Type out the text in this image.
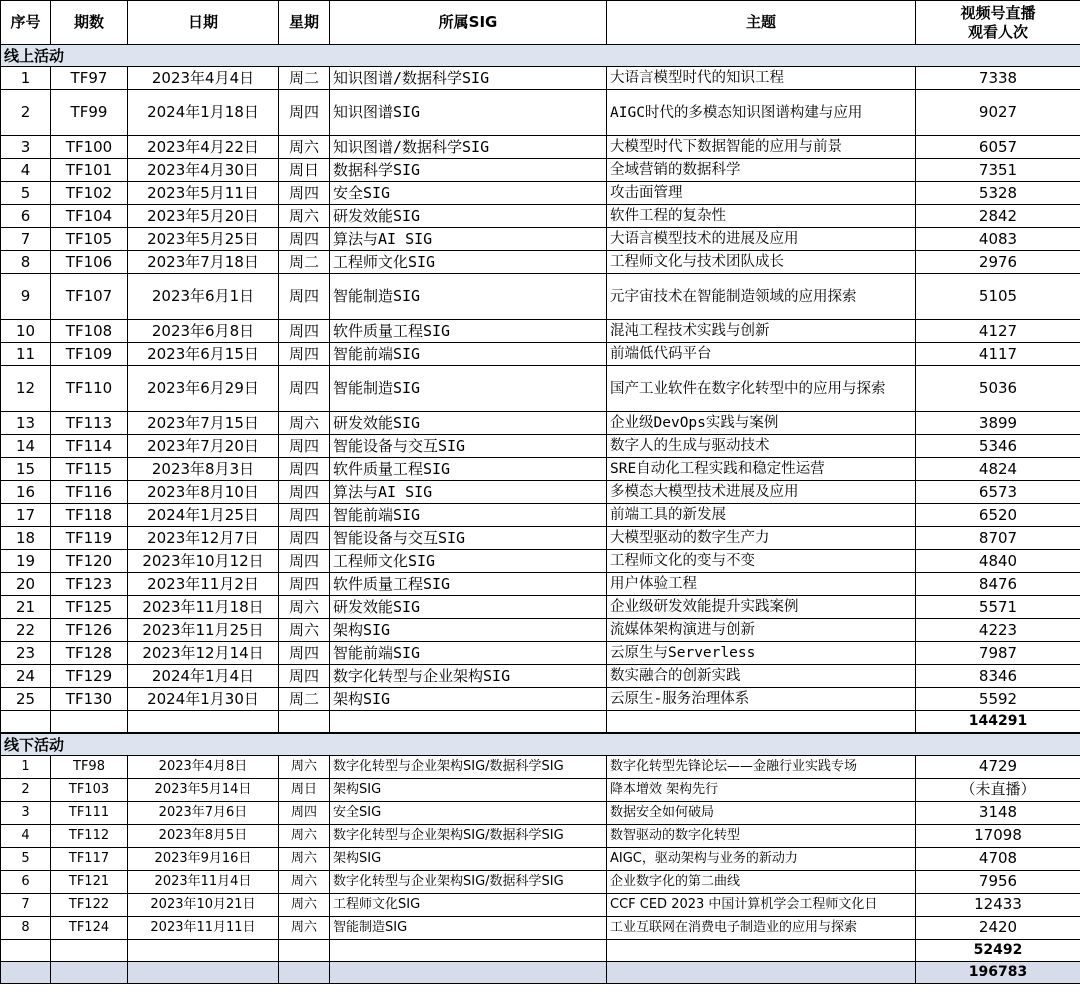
序号	期数	日期	星期	所属SIG	主题	视频号直播
观看人次
线上活动						
1	TF97	2023年4月4日	周二	知识图谱/数据科学SIG	大语言模型时代的知识工程	7338
2	TF99	2024年1月18日	周四	知识图谱SIG	AIGC时代的多模态知识图谱构建与应用	9027
3	TF100	2023年4月22日	周六	知识图谱/数据科学SIG	大模型时代下数据智能的应用与前景	6057
4	TF101	2023年4月30日	周日	数据科学SIG	全域营销的数据科学	7351
5	TF102	2023年5月11日	周四	安全SIG	攻击面管理	5328
6	TF104	2023年5月20日	周六	研发效能SIG	软件工程的复杂性	2842
7	TF105	2023年5月25日	周四	算法与AI SIG	大语言模型技术的进展及应用	4083
8	TF106	2023年7月18日	周二	工程师文化SIG	工程师文化与技术团队成长	2976
9	TF107	2023年6月1日	周四	智能制造SIG	元宇宙技术在智能制造领域的应用探索	5105
10	TF108	2023年6月8日	周四	软件质量工程SIG	混沌工程技术实践与创新	4127
11	TF109	2023年6月15日	周四	智能前端SIG	前端低代码平台	4117
12	TF110	2023年6月29日	周四	智能制造SIG	国产工业软件在数字化转型中的应用与探索	5036
13	TF113	2023年7月15日	周六	研发效能SIG	企业级DevOps实践与案例	3899
14	TF114	2023年7月20日	周四	智能设备与交互SIG	数字人的生成与驱动技术	5346
15	TF115	2023年8月3日	周四	软件质量工程SIG	SRE自动化工程实践和稳定性运营	4824
16	TF116	2023年8月10日	周四	算法与AI SIG	多模态大模型技术进展及应用	6573
17	TF118	2024年1月25日	周四	智能前端SIG	前端工具的新发展	6520
18	TF119	2023年12月7日	周四	智能设备与交互SIG	大模型驱动的数字生产力	8707
19	TF120	2023年10月12日	周四	工程师文化SIG	工程师文化的变与不变	4840
20	TF123	2023年11月2日	周四	软件质量工程SIG	用户体验工程	8476
21	TF125	2023年11月18日	周六	研发效能SIG	企业级研发效能提升实践案例	5571
22	TF126	2023年11月25日	周六	架构SIG	流媒体架构演进与创新	4223
23	TF128	2023年12月14日	周四	智能前端SIG	云原生与Serverless	7987
24	TF129	2024年1月4日	周四	数字化转型与企业架构SIG	数实融合的创新实践	8346
25	TF130	2024年1月30日	周二	架构SIG	云原生-服务治理体系	5592
						144291
线下活动						
1	TF98	2023年4月8日	周六	数字化转型与企业架构SIG/数据科学SIG	数字化转型先锋论坛——金融行业实践专场	4729
2	TF103	2023年5月14日	周日	架构SIG	降本增效 架构先行	（未直播）
3	TF111	2023年7月6日	周四	安全SIG	数据安全如何破局	3148
4	TF112	2023年8月5日	周六	数字化转型与企业架构SIG/数据科学SIG	数智驱动的数字化转型	17098
5	TF117	2023年9月16日	周六	架构SIG	AIGC，驱动架构与业务的新动力	4708
6	TF121	2023年11月4日	周六	数字化转型与企业架构SIG/数据科学SIG	企业数字化的第二曲线	7956
7	TF122	2023年10月21日	周六	工程师文化SIG	CCF CED 2023 中国计算机学会工程师文化日	12433
8	TF124	2023年11月11日	周六	智能制造SIG	工业互联网在消费电子制造业的应用与探索	2420
						52492
						196783
